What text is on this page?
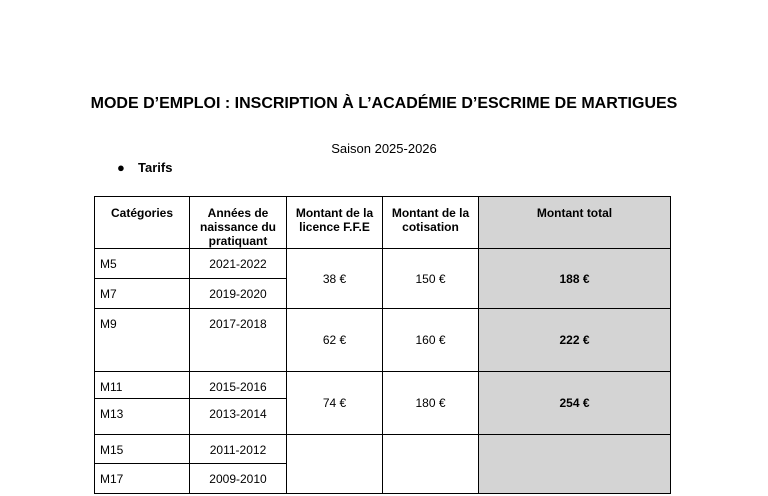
MODE D’EMPLOI : INSCRIPTION À L’ACADÉMIE D’ESCRIME DE MARTIGUES
Saison 2025-2026
● Tarifs
Catégories	Années de naissance du pratiquant	Montant de la licence F.F.E	Montant de la cotisation	Montant total
M5	2021-2022	38 €	150 €	188 €
M7	2019-2020			
M9	2017-2018	62 €	160 €	222 €
M11	2015-2016	74 €	180 €	254 €
M13	2013-2014			
M15	2011-2012			
M17	2009-2010			
